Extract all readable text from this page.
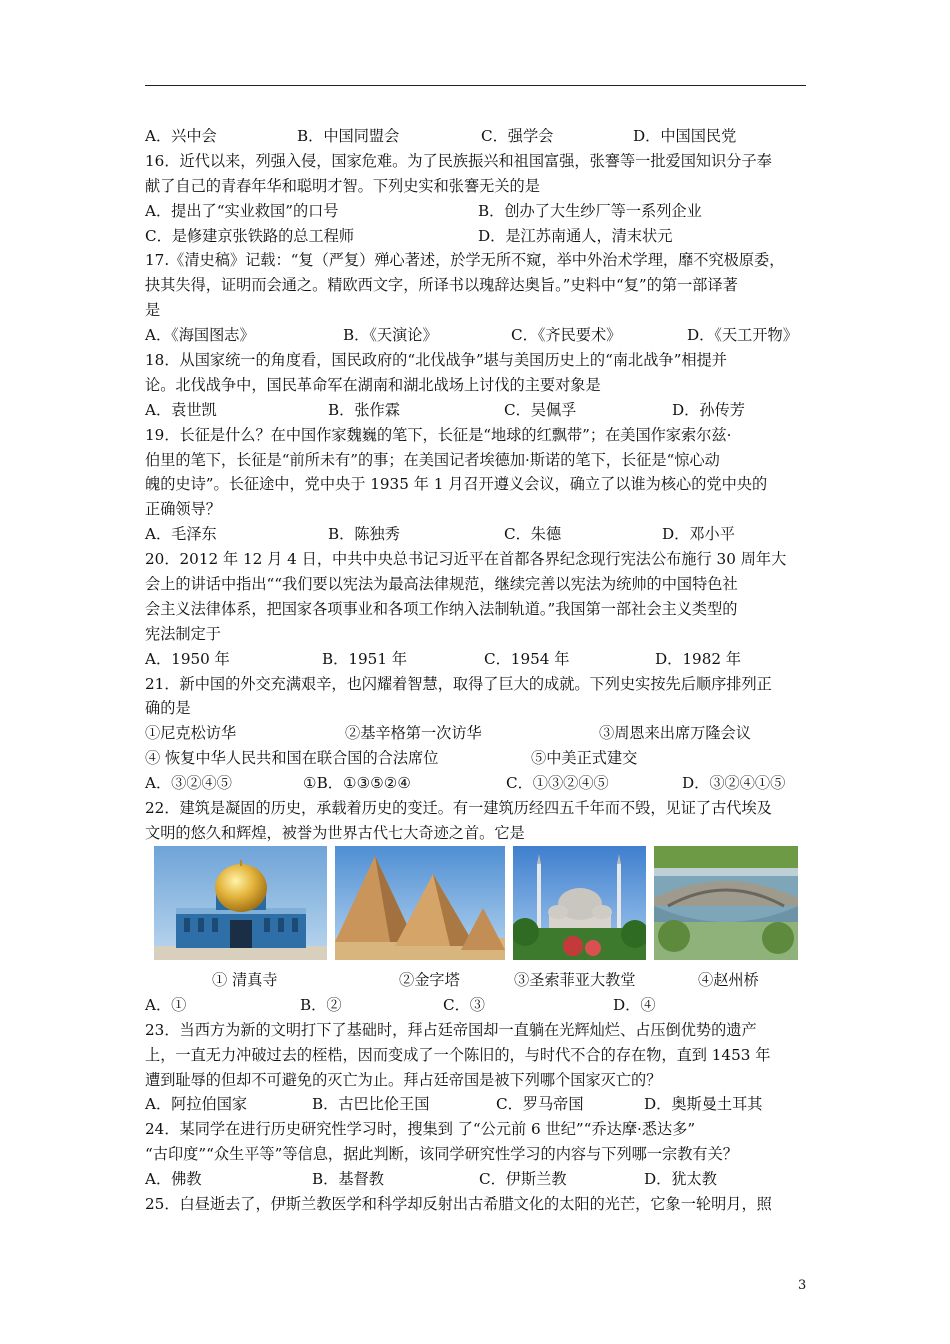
A．兴中会	B．中国同盟会	C．强学会	D．中国国民党
16．近代以来，列强入侵，国家危难。为了民族振兴和祖国富强，张謇等一批爱国知识分子奉
献了自己的青春年华和聪明才智。下列史实和张謇无关的是
A．提出了“实业救国”的口号	B．创办了大生纱厂等一系列企业
C．是修建京张铁路的总工程师	D．是江苏南通人，清末状元
17.《清史稿》记载：“复（严复）殚心著述，於学无所不窥，举中外治术学理，靡不究极原委，
抉其失得，证明而会通之。精欧西文字，所译书以瑰辞达奥旨。”史料中“复”的第一部译著
是
A．《海国图志》	B．《天演论》	C．《齐民要术》	D．《天工开物》
18．从国家统一的角度看，国民政府的“北伐战争”堪与美国历史上的“南北战争”相提并
论。北伐战争中，国民革命军在湖南和湖北战场上讨伐的主要对象是
A．袁世凯	B．张作霖	C．吴佩孚	D．孙传芳
19．长征是什么？在中国作家魏巍的笔下，长征是“地球的红飘带”；在美国作家索尔兹·
伯里的笔下，长征是“前所未有”的事；在美国记者埃德加·斯诺的笔下，长征是“惊心动
魄的史诗”。长征途中，党中央于 1935 年 1 月召开遵义会议，确立了以谁为核心的党中央的
正确领导？
A．毛泽东	B．陈独秀	C．朱德	D．邓小平
20．2012 年 12 月 4 日，中共中央总书记习近平在首都各界纪念现行宪法公布施行 30 周年大
会上的讲话中指出““我们要以宪法为最高法律规范，继续完善以宪法为统帅的中国特色社
会主义法律体系，把国家各项事业和各项工作纳入法制轨道。”我国第一部社会主义类型的
宪法制定于
A．1950 年	B．1951 年	C．1954 年	D．1982 年
21．新中国的外交充满艰辛，也闪耀着智慧，取得了巨大的成就。下列史实按先后顺序排列正
确的是
①尼克松访华	②基辛格第一次访华	③周恩来出席万隆会议
④ 恢复中华人民共和国在联合国的合法席位	⑤中美正式建交
A．③②④⑤	①B．①③⑤②④	C．①③②④⑤	D．③②④①⑤
22．建筑是凝固的历史，承载着历史的变迁。有一建筑历经四五千年而不毁，见证了古代埃及
文明的悠久和辉煌，被誉为世界古代七大奇迹之首。它是
① 清真寺	②金字塔	③圣索菲亚大教堂	④赵州桥
A．①	B．②	C．③	D．④
23．当西方为新的文明打下了基础时，拜占廷帝国却一直躺在光辉灿烂、占压倒优势的遗产
上，一直无力冲破过去的桎梏，因而变成了一个陈旧的，与时代不合的存在物，直到 1453 年
遭到耻辱的但却不可避免的灭亡为止。拜占廷帝国是被下列哪个国家灭亡的？
A．阿拉伯国家	B．古巴比伦王国	C．罗马帝国	D．奥斯曼土耳其
24．某同学在进行历史研究性学习时，搜集到 了“公元前 6 世纪”“乔达摩·悉达多”
“古印度”“众生平等”等信息，据此判断，该同学研究性学习的内容与下列哪一宗教有关？
A．佛教	B．基督教	C．伊斯兰教	D．犹太教
25．白昼逝去了，伊斯兰教医学和科学却反射出古希腊文化的太阳的光芒，它象一轮明月，照
3
